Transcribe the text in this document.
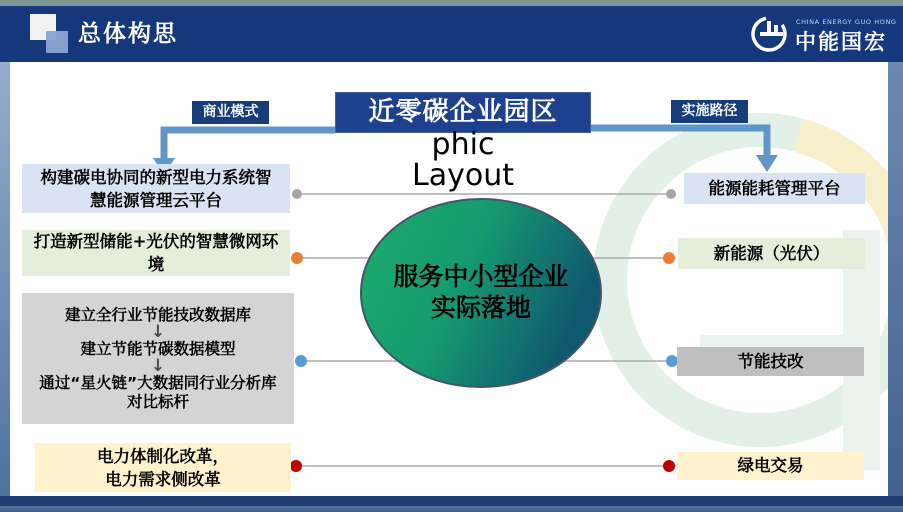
总体构思	CHINA ENERGY GUO HONG
中能国宏
近零碳企业园区
phic
Layout
商业模式	实施路径
服务中小型企业
实际落地
构建碳电协同的新型电力系统智
慧能源管理云平台
打造新型储能+光伏的智慧微网环
境
建立全行业节能技改数据库
↓
建立节能节碳数据模型
↓
通过“星火链”大数据同行业分析库
对比标杆
电力体制化改革，
电力需求侧改革
能源能耗管理平台
新能源（光伏）
节能技改
绿电交易
